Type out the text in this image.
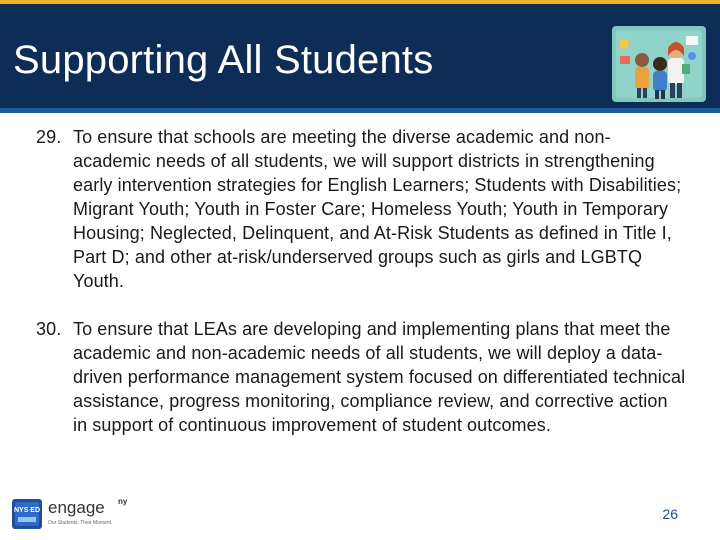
Supporting All Students
29. To ensure that schools are meeting the diverse academic and non-academic needs of all students, we will support districts in strengthening early intervention strategies for English Learners; Students with Disabilities; Migrant Youth; Youth in Foster Care; Homeless Youth; Youth in Temporary Housing; Neglected, Delinquent, and At-Risk Students as defined in Title I, Part D; and other at-risk/underserved groups such as girls and LGBTQ Youth.
30. To ensure that LEAs are developing and implementing plans that meet the academic and non-academic needs of all students, we will deploy a data-driven performance management system focused on differentiated technical assistance, progress monitoring, compliance review, and corrective action in support of continuous improvement of student outcomes.
NYS ED engage ny
Our Students. Their Moment.
26
